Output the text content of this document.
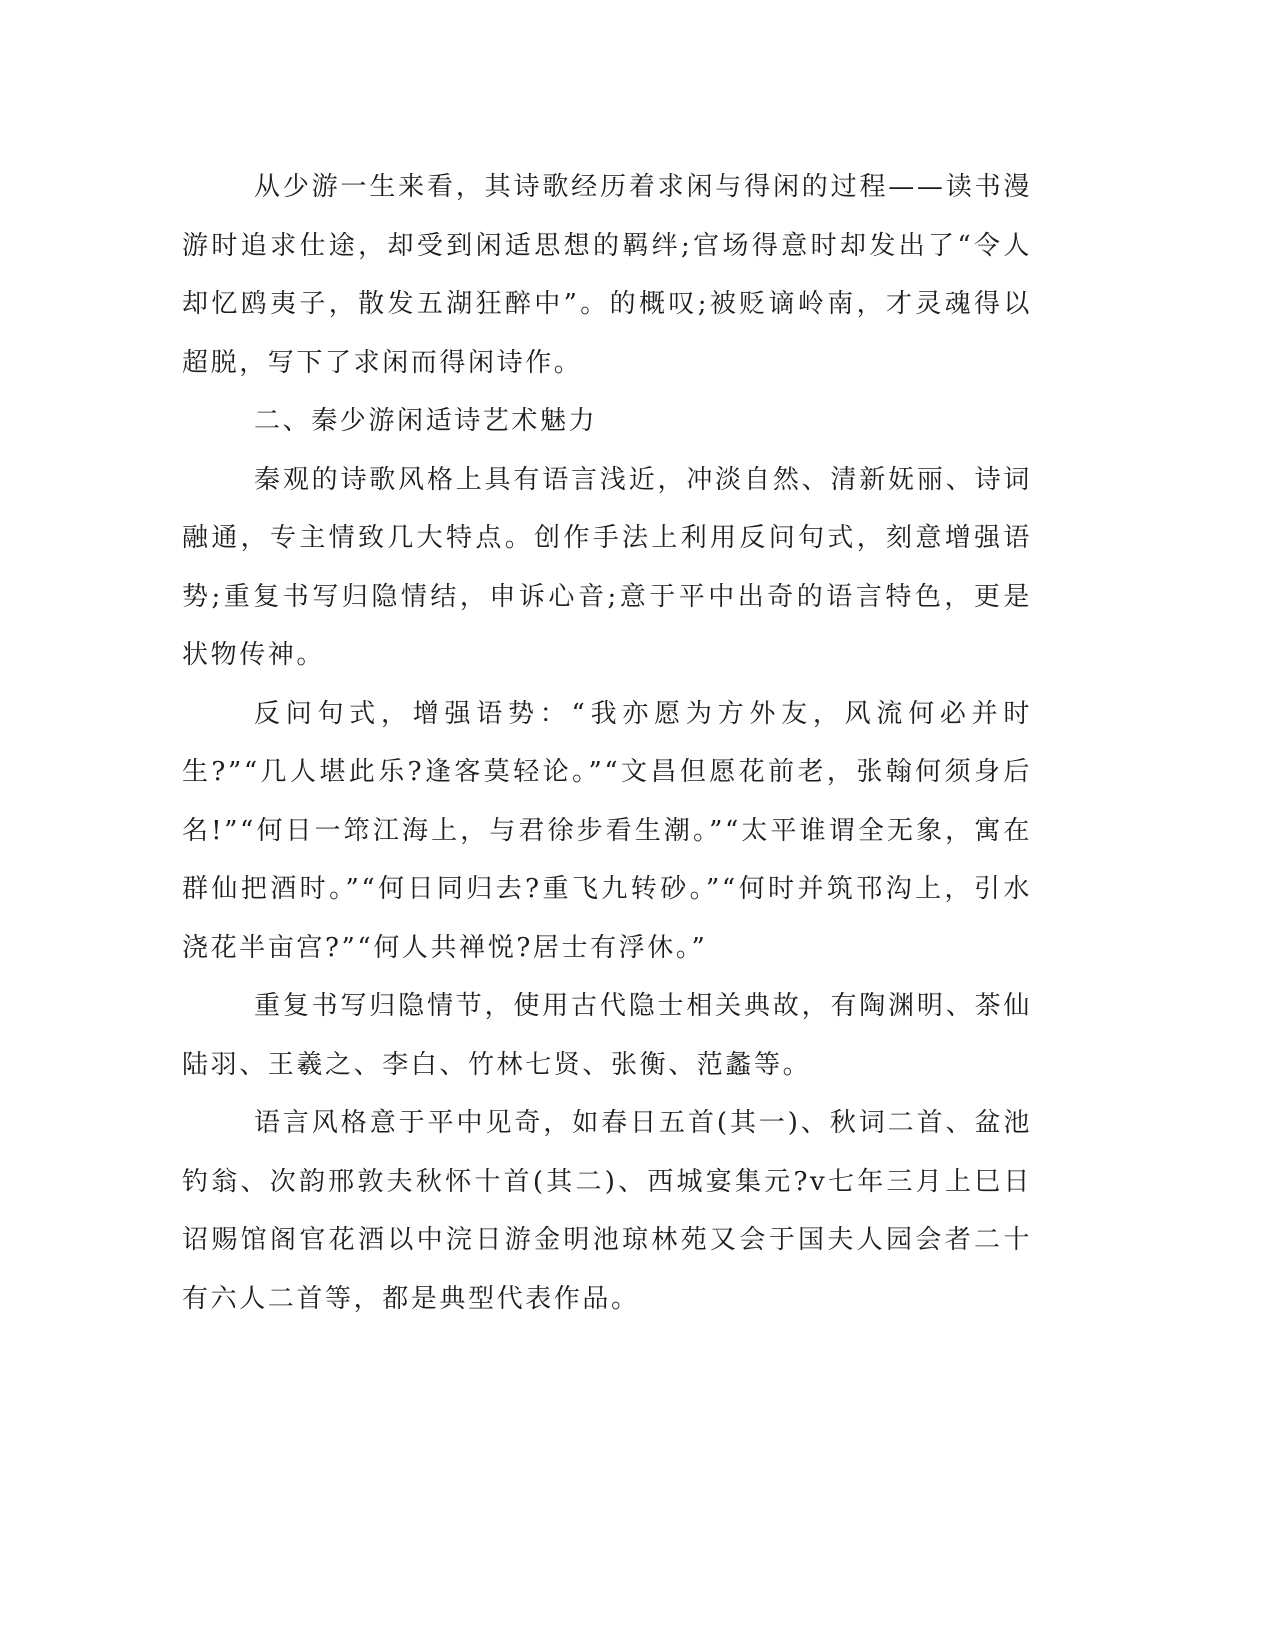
从少游一生来看，其诗歌经历着求闲与得闲的过程——读书漫游时追求仕途，却受到闲适思想的羁绊;官场得意时却发出了“令人却忆鸥夷子，散发五湖狂醉中”。的概叹;被贬谪岭南，才灵魂得以超脱，写下了求闲而得闲诗作。

二、秦少游闲适诗艺术魅力

秦观的诗歌风格上具有语言浅近，冲淡自然、清新妩丽、诗词融通，专主情致几大特点。创作手法上利用反问句式，刻意增强语势;重复书写归隐情结，申诉心音;意于平中出奇的语言特色，更是状物传神。

反问句式，增强语势：“我亦愿为方外友，风流何必并时生?”“几人堪此乐?逢客莫轻论。”“文昌但愿花前老，张翰何须身后名!”“何日一筇江海上，与君徐步看生潮。”“太平谁谓全无象，寓在群仙把酒时。”“何日同归去?重飞九转砂。”“何时并筑邗沟上，引水浇花半亩宫?”“何人共禅悦?居士有浮休。”

重复书写归隐情节，使用古代隐士相关典故，有陶渊明、茶仙陆羽、王羲之、李白、竹林七贤、张衡、范蠡等。

语言风格意于平中见奇，如春日五首(其一)、秋词二首、盆池钓翁、次韵邢敦夫秋怀十首(其二)、西城宴集元?v七年三月上巳日诏赐馆阁官花酒以中浣日游金明池琼林苑又会于国夫人园会者二十有六人二首等，都是典型代表作品。
